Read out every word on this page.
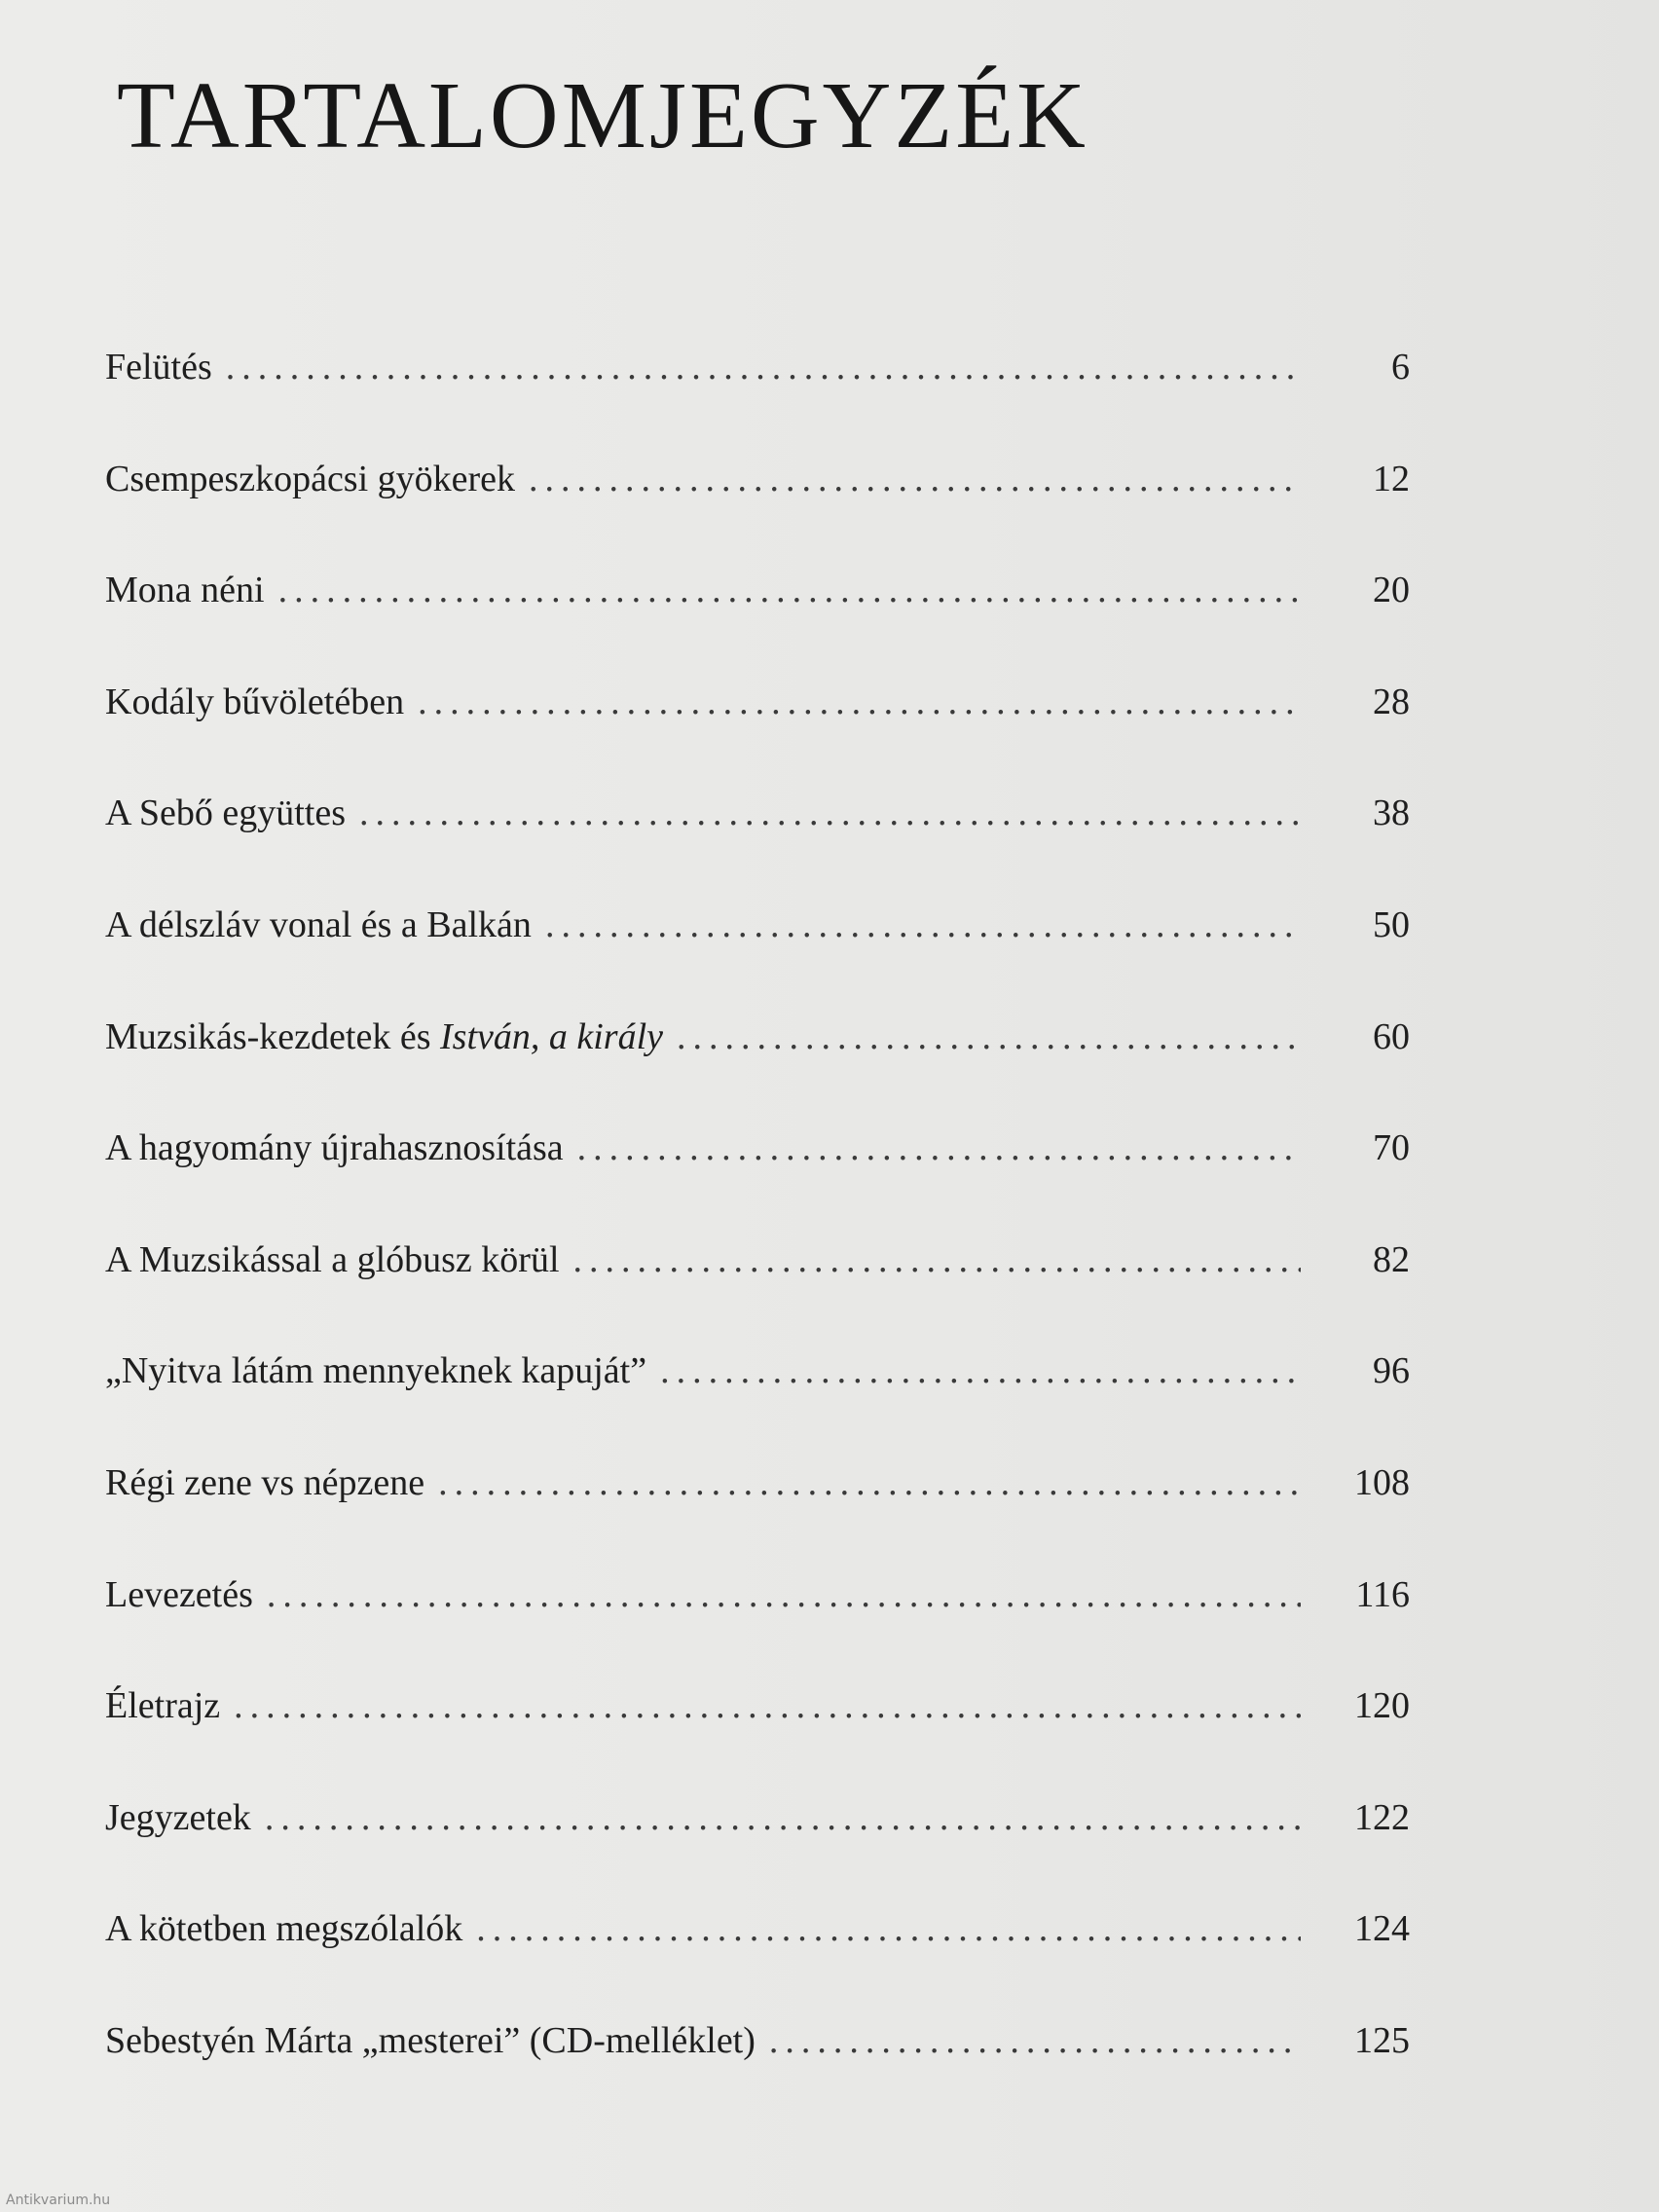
TARTALOMJEGYZÉK
Felütés .....	6
Csempeszkopácsi gyökerek .....	12
Mona néni .....	20
Kodály bűvöletében .....	28
A Sebő együttes .....	38
A délszláv vonal és a Balkán .....	50
Muzsikás-kezdetek és István, a király .....	60
A hagyomány újrahasznosítása .....	70
A Muzsikással a glóbusz körül .....	82
„Nyitva látám mennyeknek kapuját” .....	96
Régi zene vs népzene .....	108
Levezetés .....	116
Életrajz .....	120
Jegyzetek .....	122
A kötetben megszólalók .....	124
Sebestyén Márta „mesterei” (CD-melléklet) .....	125
Antikvarium.hu
